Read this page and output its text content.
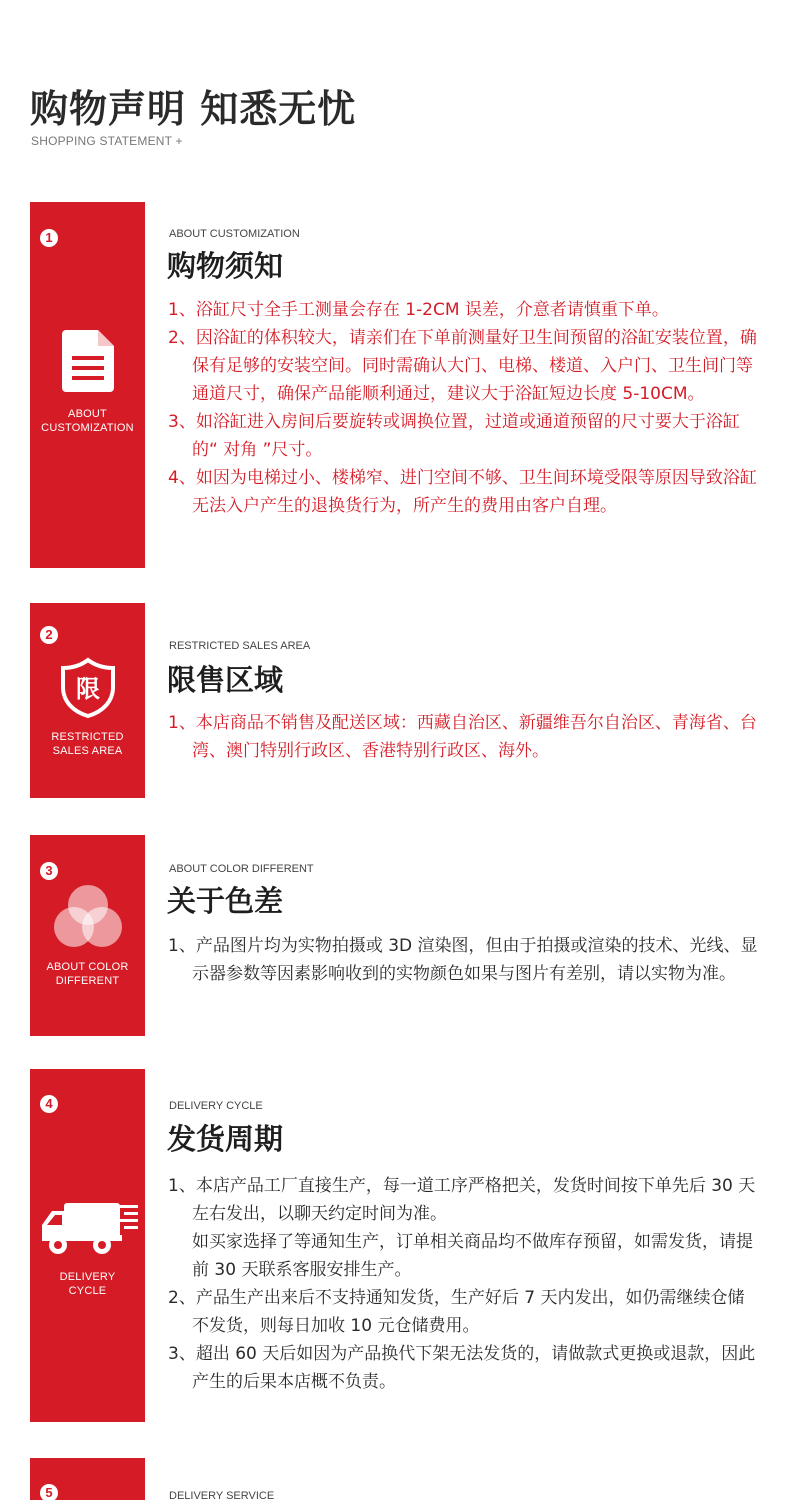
购物声明 知悉无忧
SHOPPING STATEMENT +
1
ABOUT
CUSTOMIZATION
ABOUT CUSTOMIZATION
购物须知
1、浴缸尺寸全手工测量会存在 1-2CM 误差，介意者请慎重下单。
2、因浴缸的体积较大，请亲们在下单前测量好卫生间预留的浴缸安装位置，确保有足够的安装空间。同时需确认大门、电梯、楼道、入户门、卫生间门等通道尺寸，确保产品能顺利通过，建议大于浴缸短边长度 5-10CM。
3、如浴缸进入房间后要旋转或调换位置，过道或通道预留的尺寸要大于浴缸的“ 对角 ”尺寸。
4、如因为电梯过小、楼梯窄、进门空间不够、卫生间环境受限等原因导致浴缸无法入户产生的退换货行为，所产生的费用由客户自理。
2
限
RESTRICTED
SALES AREA
RESTRICTED SALES AREA
限售区域
1、本店商品不销售及配送区域：西藏自治区、新疆维吾尔自治区、青海省、台湾、澳门特别行政区、香港特别行政区、海外。
3
ABOUT COLOR
DIFFERENT
ABOUT COLOR DIFFERENT
关于色差
1、产品图片均为实物拍摄或 3D 渲染图，但由于拍摄或渲染的技术、光线、显示器参数等因素影响收到的实物颜色如果与图片有差别，请以实物为准。
4
DELIVERY
CYCLE
DELIVERY CYCLE
发货周期
1、本店产品工厂直接生产，每一道工序严格把关，发货时间按下单先后 30 天左右发出，以聊天约定时间为准。
如买家选择了等通知生产，订单相关商品均不做库存预留，如需发货，请提前 30 天联系客服安排生产。
2、产品生产出来后不支持通知发货，生产好后 7 天内发出，如仍需继续仓储不发货，则每日加收 10 元仓储费用。
3、超出 60 天后如因为产品换代下架无法发货的，请做款式更换或退款，因此产生的后果本店概不负责。
5	DELIVERY SERVICE
